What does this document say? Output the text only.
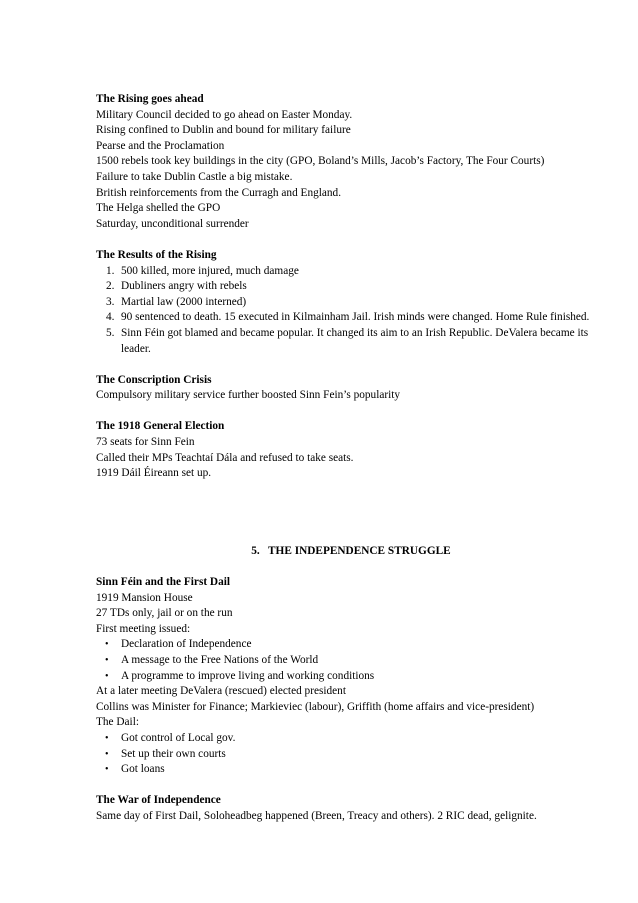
The Rising goes ahead
Military Council decided to go ahead on Easter Monday.
Rising confined to Dublin and bound for military failure
Pearse and the Proclamation
1500 rebels took key buildings in the city (GPO, Boland’s Mills, Jacob’s Factory, The Four Courts)
Failure to take Dublin Castle a big mistake.
British reinforcements from the Curragh and England.
The Helga shelled the GPO
Saturday, unconditional surrender
The Results of the Rising
1. 500 killed, more injured, much damage
2. Dubliners angry with rebels
3. Martial law (2000 interned)
4. 90 sentenced to death. 15 executed in Kilmainham Jail. Irish minds were changed. Home Rule finished.
5. Sinn Féin got blamed and became popular. It changed its aim to an Irish Republic. DeValera became its leader.
The Conscription Crisis
Compulsory military service further boosted Sinn Fein’s popularity
The 1918 General Election
73 seats for Sinn Fein
Called their MPs Teachtaí Dála and refused to take seats.
1919 Dáil Éireann set up.
5.   THE INDEPENDENCE STRUGGLE
Sinn Féin and the First Dail
1919 Mansion House
27 TDs only, jail or on the run
First meeting issued:
• Declaration of Independence
• A message to the Free Nations of the World
• A programme to improve living and working conditions
At a later meeting DeValera (rescued) elected president
Collins was Minister for Finance; Markieviec (labour), Griffith (home affairs and vice-president)
The Dail:
• Got control of Local gov.
• Set up their own courts
• Got loans
The War of Independence
Same day of First Dail, Soloheadbeg happened (Breen, Treacy and others). 2 RIC dead, gelignite.
